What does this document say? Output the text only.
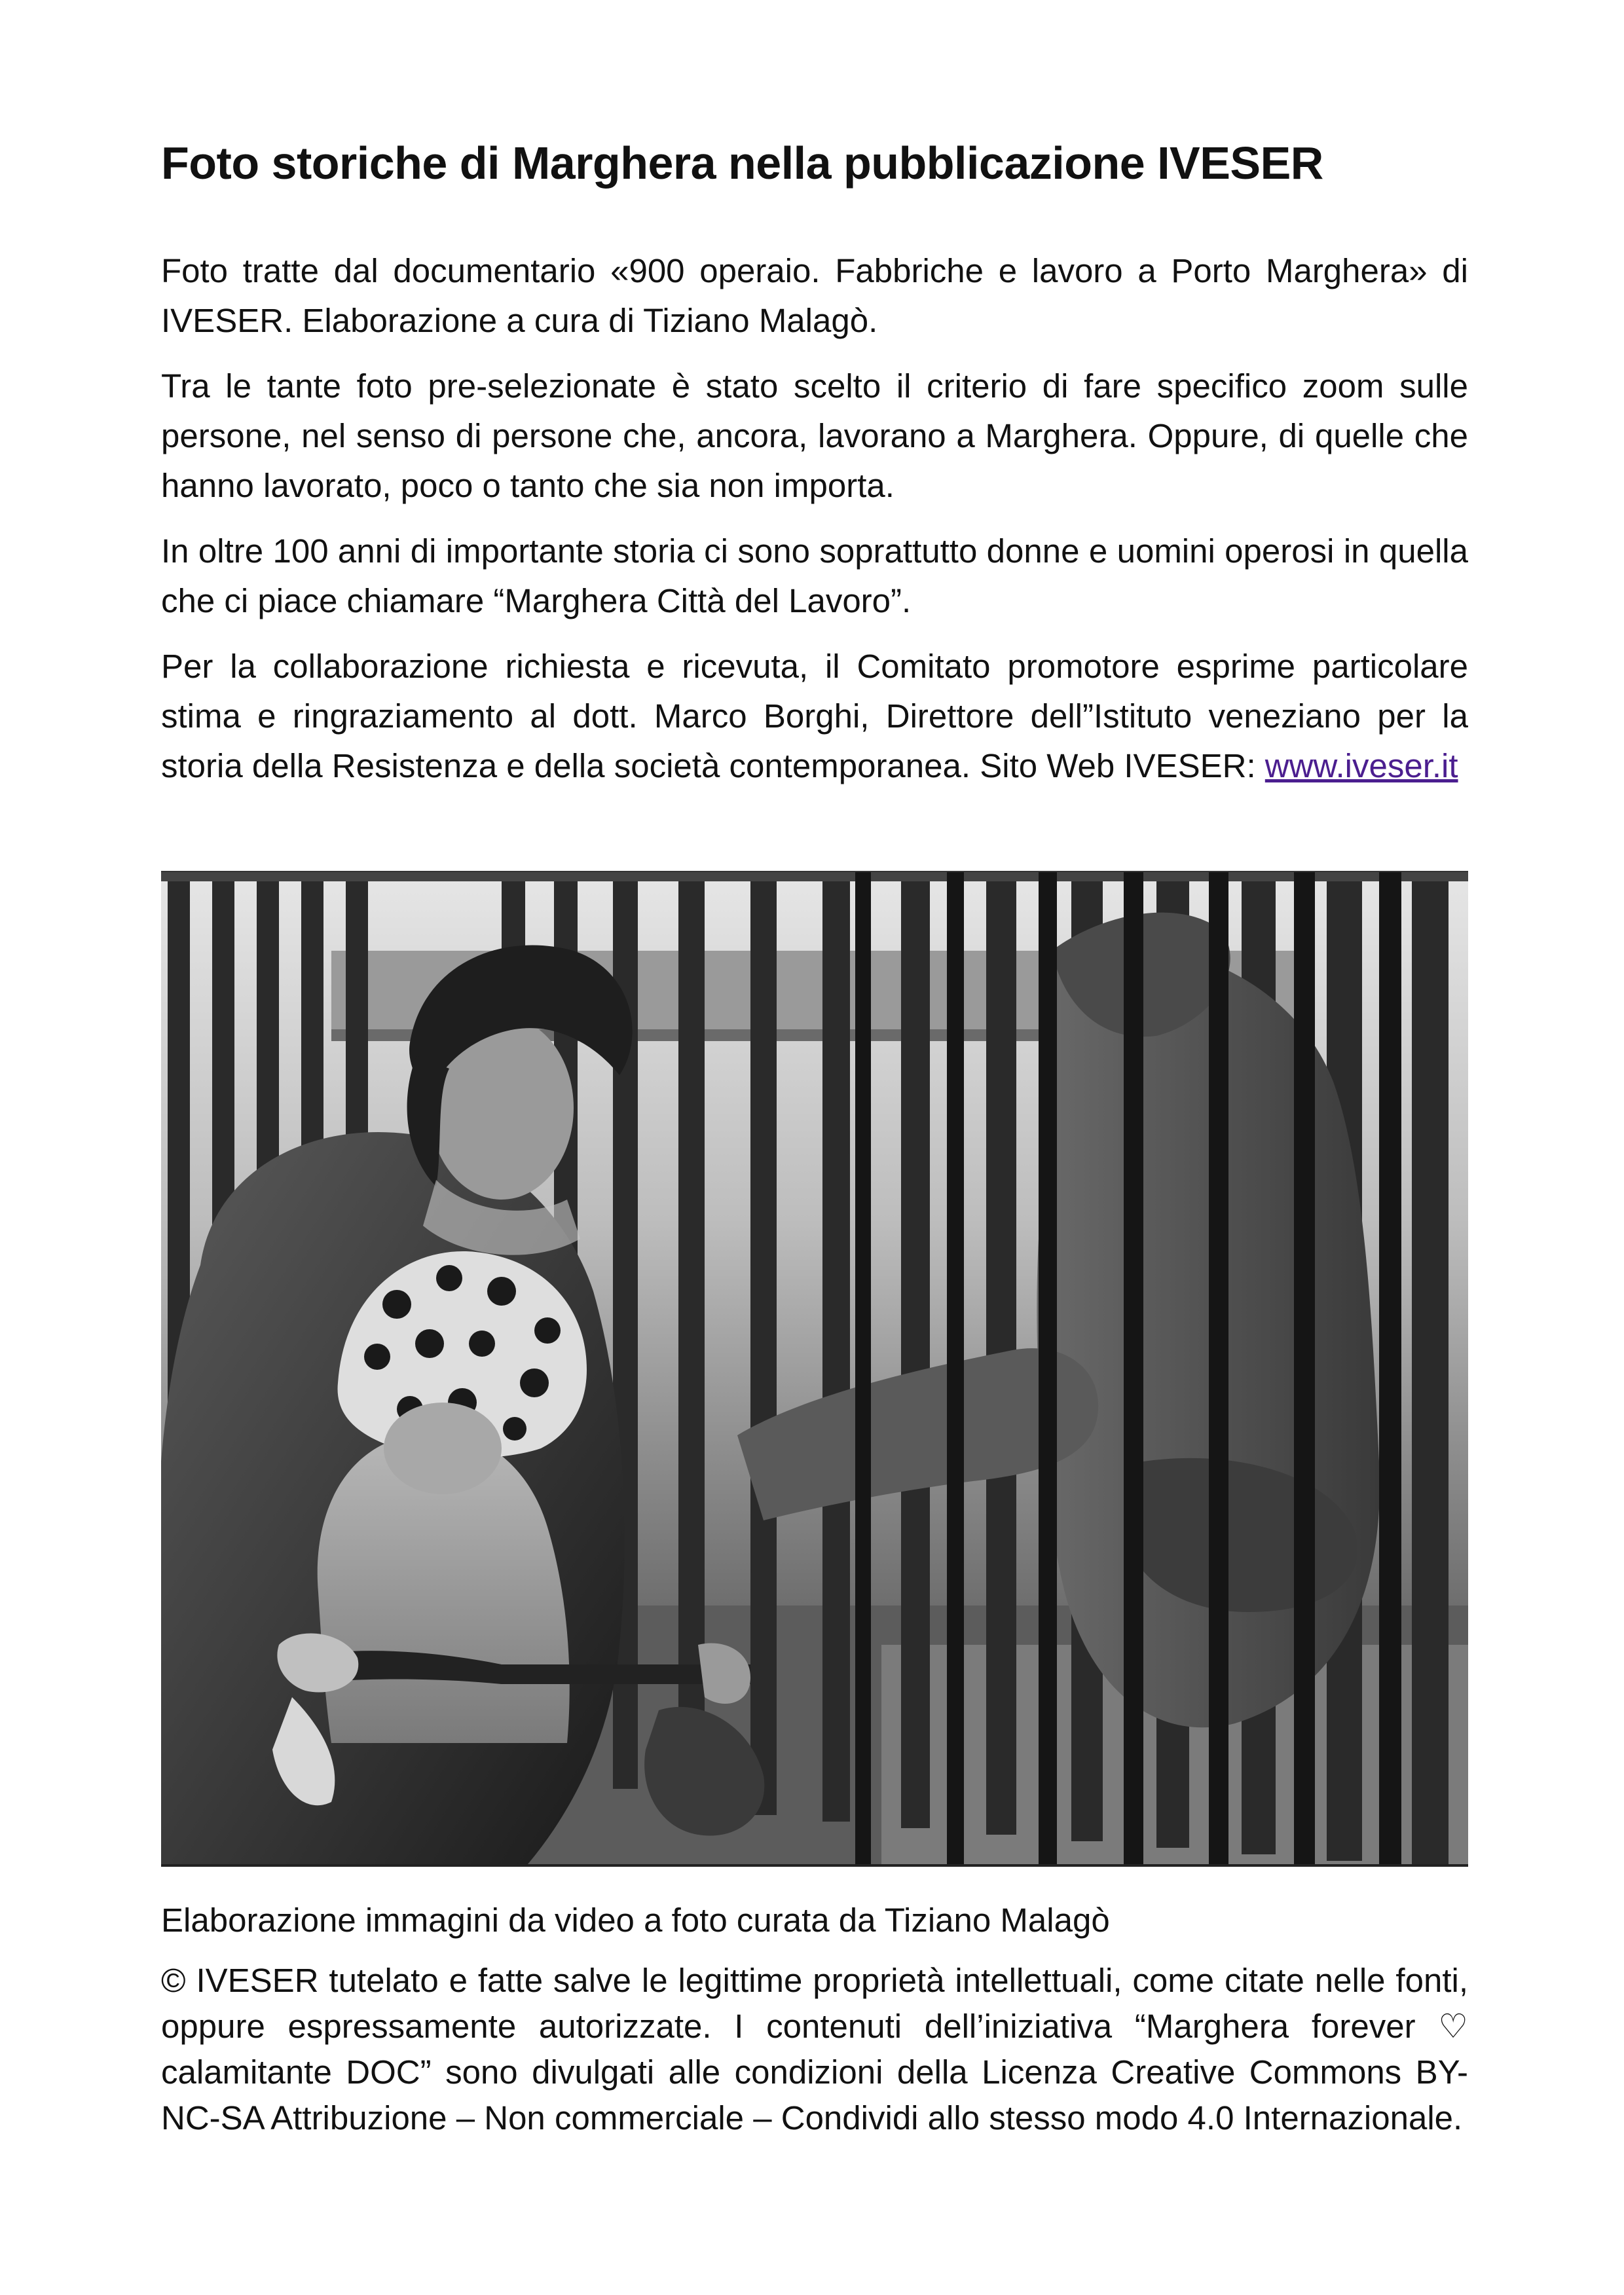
Foto storiche di Marghera nella pubblicazione IVESER

Foto tratte dal documentario «900 operaio. Fabbriche e lavoro a Porto Marghera» di IVESER. Elaborazione a cura di Tiziano Malagò.

Tra le tante foto pre-selezionate è stato scelto il criterio di fare specifico zoom sulle persone, nel senso di persone che, ancora, lavorano a Marghera. Oppure, di quelle che hanno lavorato, poco o tanto che sia non importa.

In oltre 100 anni di importante storia ci sono soprattutto donne e uomini operosi in quella che ci piace chiamare “Marghera Città del Lavoro”.

Per la collaborazione richiesta e ricevuta, il Comitato promotore esprime particolare stima e ringraziamento al dott. Marco Borghi, Direttore dell”Istituto veneziano per la storia della Resistenza e della società contemporanea. Sito Web IVESER: www.iveser.it

Elaborazione immagini da video a foto curata da Tiziano Malagò

© IVESER tutelato e fatte salve le legittime proprietà intellettuali, come citate nelle fonti, oppure espressamente autorizzate. I contenuti dell’iniziativa “Marghera forever ♡ calamitante DOC” sono divulgati alle condizioni della Licenza Creative Commons BY-NC-SA Attribuzione – Non commerciale – Condividi allo stesso modo 4.0 Internazionale.
